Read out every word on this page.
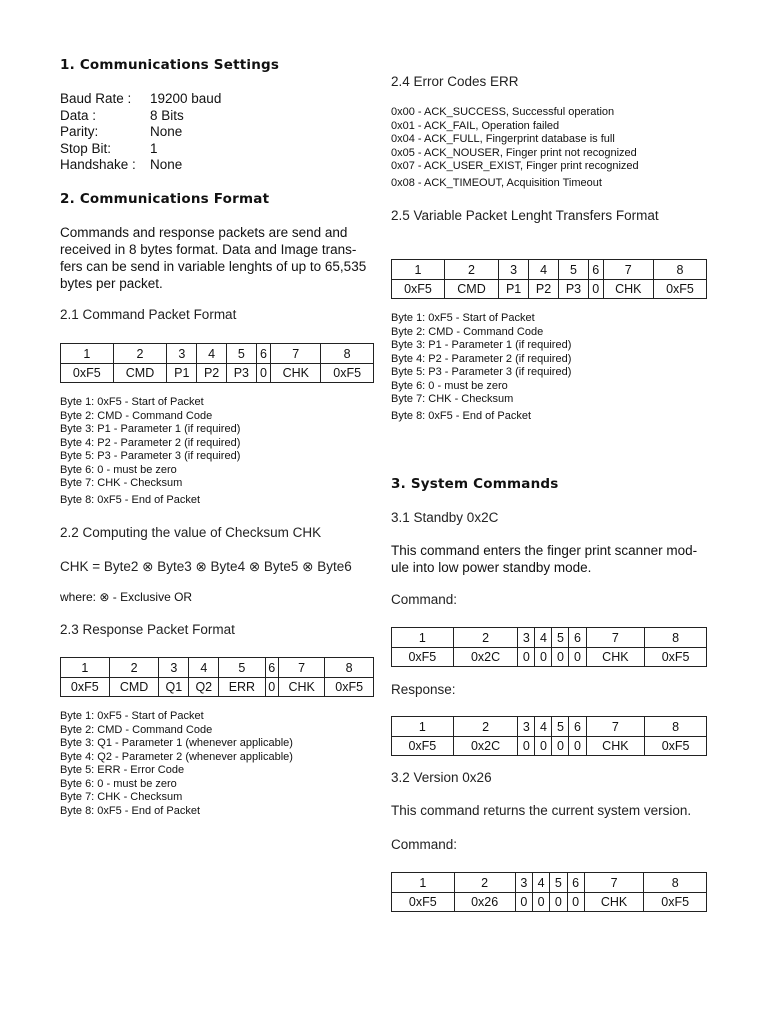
1. Communications Settings
Baud Rate :	19200 baud
Data :	8 Bits
Parity:	None
Stop Bit:	1
Handshake :	None
2. Communications Format
Commands and response packets are send and
received in 8 bytes format. Data and Image trans-
fers can be send in variable lenghts of up to 65,535
bytes per packet.
2.1 Command Packet Format
1	2	3	4	5	6	7	8
0xF5	CMD	P1	P2	P3	0	CHK	0xF5
Byte 1: 0xF5 - Start of Packet
Byte 2: CMD - Command Code
Byte 3: P1 - Parameter 1 (if required)
Byte 4: P2 - Parameter 2 (if required)
Byte 5: P3 - Parameter 3 (if required)
Byte 6: 0 - must be zero
Byte 7: CHK - Checksum
Byte 8: 0xF5 - End of Packet
2.2 Computing the value of Checksum CHK
CHK = Byte2 ⊗ Byte3 ⊗ Byte4 ⊗ Byte5 ⊗ Byte6
where: ⊗ - Exclusive OR
2.3 Response Packet Format
1	2	3	4	5	6	7	8
0xF5	CMD	Q1	Q2	ERR	0	CHK	0xF5
Byte 1: 0xF5 - Start of Packet
Byte 2: CMD - Command Code
Byte 3: Q1 - Parameter 1 (whenever applicable)
Byte 4: Q2 - Parameter 2 (whenever applicable)
Byte 5: ERR - Error Code
Byte 6: 0 - must be zero
Byte 7: CHK - Checksum
Byte 8: 0xF5 - End of Packet
2.4 Error Codes ERR
0x00 - ACK_SUCCESS, Successful operation
0x01 - ACK_FAIL, Operation failed
0x04 - ACK_FULL, Fingerprint database is full
0x05 - ACK_NOUSER, Finger print not recognized
0x07 - ACK_USER_EXIST, Finger print recognized
0x08 - ACK_TIMEOUT, Acquisition Timeout
2.5 Variable Packet Lenght Transfers Format
1	2	3	4	5	6	7	8
0xF5	CMD	P1	P2	P3	0	CHK	0xF5
Byte 1: 0xF5 - Start of Packet
Byte 2: CMD - Command Code
Byte 3: P1 - Parameter 1 (if required)
Byte 4: P2 - Parameter 2 (if required)
Byte 5: P3 - Parameter 3 (if required)
Byte 6: 0 - must be zero
Byte 7: CHK - Checksum
Byte 8: 0xF5 - End of Packet
3. System Commands
3.1 Standby 0x2C
This command enters the finger print scanner mod-
ule into low power standby mode.
Command:
1	2	3	4	5	6	7	8
0xF5	0x2C	0	0	0	0	CHK	0xF5
Response:
1	2	3	4	5	6	7	8
0xF5	0x2C	0	0	0	0	CHK	0xF5
3.2 Version 0x26
This command returns the current system version.
Command:
1	2	3	4	5	6	7	8
0xF5	0x26	0	0	0	0	CHK	0xF5
